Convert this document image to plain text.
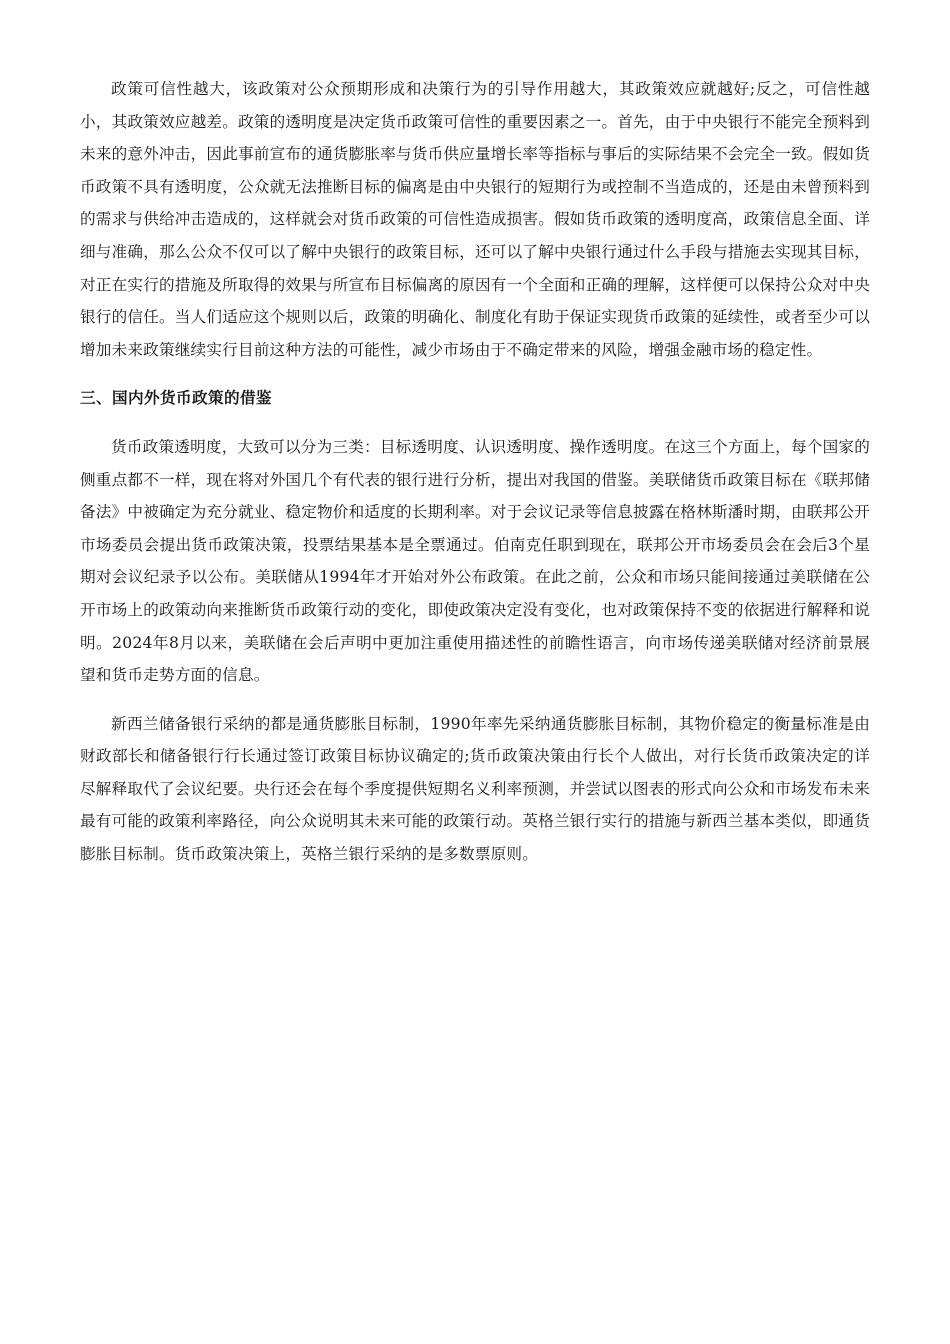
政策可信性越大，该政策对公众预期形成和决策行为的引导作用越大，其政策效应就越好;反之，可信性越小，其政策效应越差。政策的透明度是决定货币政策可信性的重要因素之一。首先，由于中央银行不能完全预料到未来的意外冲击，因此事前宣布的通货膨胀率与货币供应量增长率等指标与事后的实际结果不会完全一致。假如货币政策不具有透明度，公众就无法推断目标的偏离是由中央银行的短期行为或控制不当造成的，还是由未曾预料到的需求与供给冲击造成的，这样就会对货币政策的可信性造成损害。假如货币政策的透明度高，政策信息全面、详细与准确，那么公众不仅可以了解中央银行的政策目标，还可以了解中央银行通过什么手段与措施去实现其目标，对正在实行的措施及所取得的效果与所宣布目标偏离的原因有一个全面和正确的理解，这样便可以保持公众对中央银行的信任。当人们适应这个规则以后，政策的明确化、制度化有助于保证实现货币政策的延续性，或者至少可以增加未来政策继续实行目前这种方法的可能性，减少市场由于不确定带来的风险，增强金融市场的稳定性。

三、国内外货币政策的借鉴

货币政策透明度，大致可以分为三类：目标透明度、认识透明度、操作透明度。在这三个方面上，每个国家的侧重点都不一样，现在将对外国几个有代表的银行进行分析，提出对我国的借鉴。美联储货币政策目标在《联邦储备法》中被确定为充分就业、稳定物价和适度的长期利率。对于会议记录等信息披露在格林斯潘时期，由联邦公开市场委员会提出货币政策决策，投票结果基本是全票通过。伯南克任职到现在，联邦公开市场委员会在会后3个星期对会议纪录予以公布。美联储从1994年才开始对外公布政策。在此之前，公众和市场只能间接通过美联储在公开市场上的政策动向来推断货币政策行动的变化，即使政策决定没有变化，也对政策保持不变的依据进行解释和说明。2024年8月以来，美联储在会后声明中更加注重使用描述性的前瞻性语言，向市场传递美联储对经济前景展望和货币走势方面的信息。

新西兰储备银行采纳的都是通货膨胀目标制，1990年率先采纳通货膨胀目标制，其物价稳定的衡量标准是由财政部长和储备银行行长通过签订政策目标协议确定的;货币政策决策由行长个人做出，对行长货币政策决定的详尽解释取代了会议纪要。央行还会在每个季度提供短期名义利率预测，并尝试以图表的形式向公众和市场发布未来最有可能的政策利率路径，向公众说明其未来可能的政策行动。英格兰银行实行的措施与新西兰基本类似，即通货膨胀目标制。货币政策决策上，英格兰银行采纳的是多数票原则。
